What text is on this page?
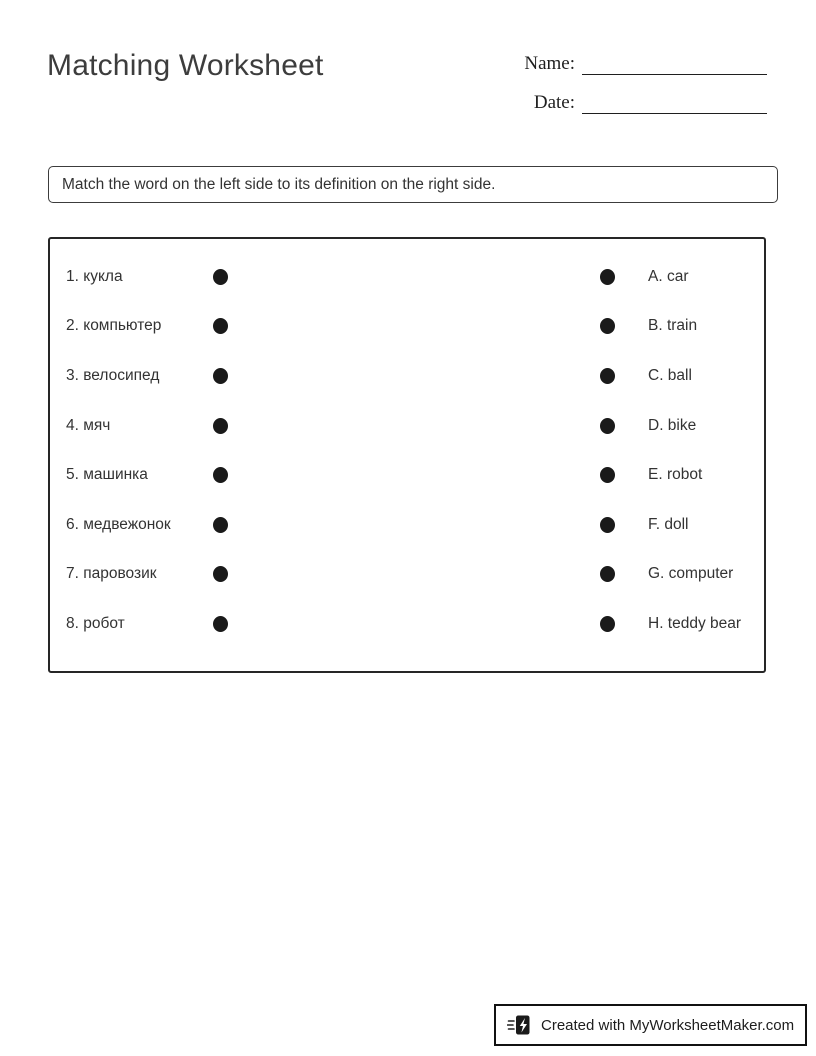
Matching Worksheet	Name:
Date:
Match the word on the left side to its definition on the right side.
1. кукла	A. car
2. компьютер	B. train
3. велосипед	C. ball
4. мяч	D. bike
5. машинка	E. robot
6. медвежонок	F. doll
7. паровозик	G. computer
8. робот	H. teddy bear
Created with MyWorksheetMaker.com
